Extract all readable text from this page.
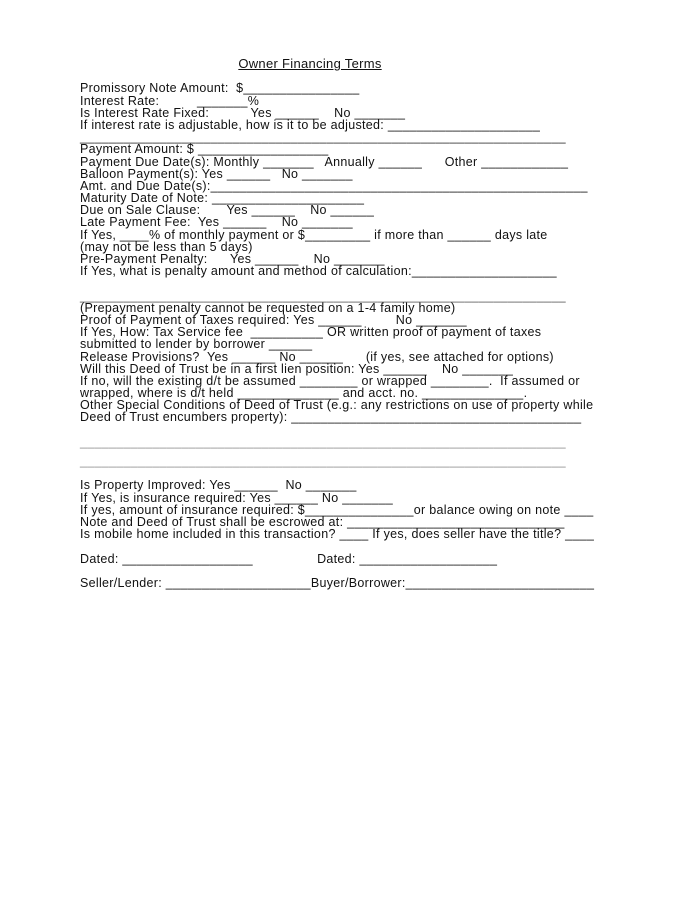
Owner Financing Terms
Promissory Note Amount:  $________________
Interest Rate:          _______%
Is Interest Rate Fixed:           Yes ______    No _______
If interest rate is adjustable, how is it to be adjusted: _____________________
___________________________________________________________________
Payment Amount: $ __________________
Payment Due Date(s): Monthly _______   Annually ______      Other ____________
Balloon Payment(s): Yes ______   No _______
Amt. and Due Date(s):____________________________________________________
Maturity Date of Note: _____________________
Due on Sale Clause:       Yes ______    No ______
Late Payment Fee:  Yes ______    No _______
If Yes, ____% of monthly payment or $_________ if more than ______ days late
(may not be less than 5 days)
Pre-Payment Penalty:      Yes ______    No _______
If Yes, what is penalty amount and method of calculation:____________________
___________________________________________________________________
(Prepayment penalty cannot be requested on a 1-4 family home)
Proof of Payment of Taxes required: Yes ______         No _______
If Yes, How: Tax Service fee  __________ OR written proof of payment of taxes
submitted to lender by borrower ______
Release Provisions?  Yes ______ No ______      (if yes, see attached for options)
Will this Deed of Trust be in a first lien position: Yes ______    No _______
If no, will the existing d/t be assumed ________ or wrapped ________.  If assumed or
wrapped, where is d/t held ______________ and acct. no. ______________.
Other Special Conditions of Deed of Trust (e.g.: any restrictions on use of property while
Deed of Trust encumbers property): ________________________________________
___________________________________________________________________
___________________________________________________________________
Is Property Improved: Yes ______  No _______
If Yes, is insurance required: Yes ______ No _______
If yes, amount of insurance required: $_______________or balance owing on note ____
Note and Deed of Trust shall be escrowed at: ______________________________
Is mobile home included in this transaction? ____ If yes, does seller have the title? ____
Dated: __________________                 Dated: ___________________
Seller/Lender: ____________________Buyer/Borrower:__________________________
